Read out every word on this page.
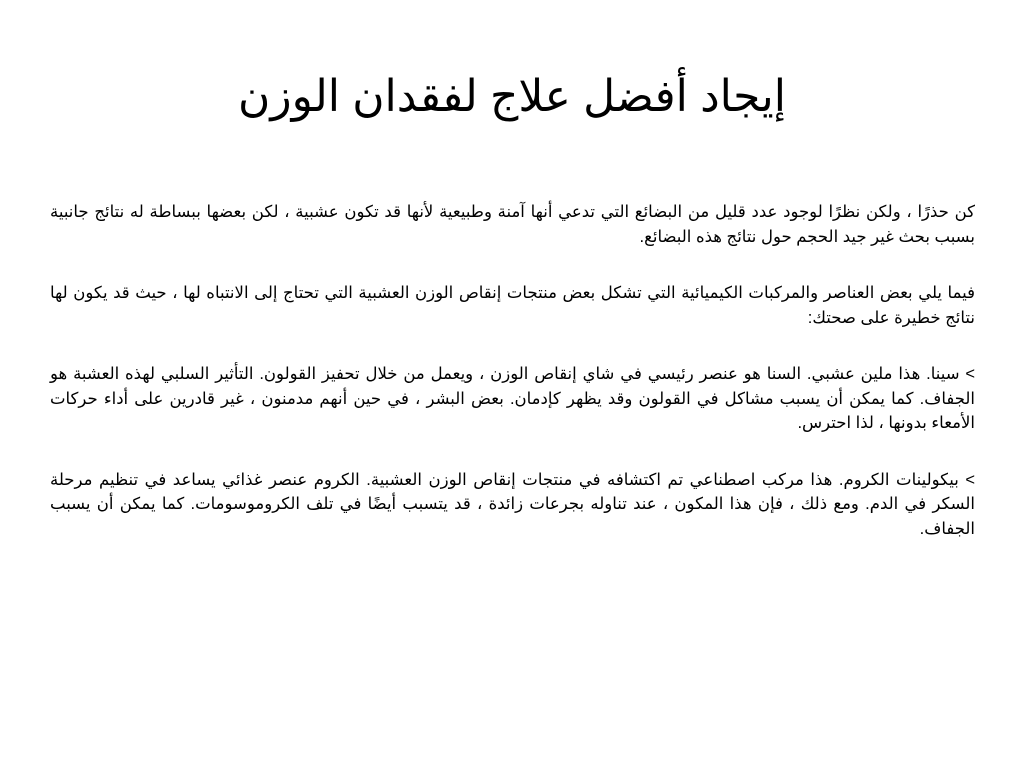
إيجاد أفضل علاج لفقدان الوزن

كن حذرًا ، ولكن نظرًا لوجود عدد قليل من البضائع التي تدعي أنها آمنة وطبيعية لأنها قد تكون عشبية ، لكن بعضها ببساطة له نتائج جانبية بسبب بحث غير جيد الحجم حول نتائج هذه البضائع.

فيما يلي بعض العناصر والمركبات الكيميائية التي تشكل بعض منتجات إنقاص الوزن العشبية التي تحتاج إلى الانتباه لها ، حيث قد يكون لها نتائج خطيرة على صحتك:

> سينا. هذا ملين عشبي. السنا هو عنصر رئيسي في شاي إنقاص الوزن ، ويعمل من خلال تحفيز القولون. التأثير السلبي لهذه العشبة هو الجفاف. كما يمكن أن يسبب مشاكل في القولون وقد يظهر كإدمان. بعض البشر ، في حين أنهم مدمنون ، غير قادرين على أداء حركات الأمعاء بدونها ، لذا احترس.

> بيكولينات الكروم. هذا مركب اصطناعي تم اكتشافه في منتجات إنقاص الوزن العشبية. الكروم عنصر غذائي يساعد في تنظيم مرحلة السكر في الدم. ومع ذلك ، فإن هذا المكون ، عند تناوله بجرعات زائدة ، قد يتسبب أيضًا في تلف الكروموسومات. كما يمكن أن يسبب الجفاف.
